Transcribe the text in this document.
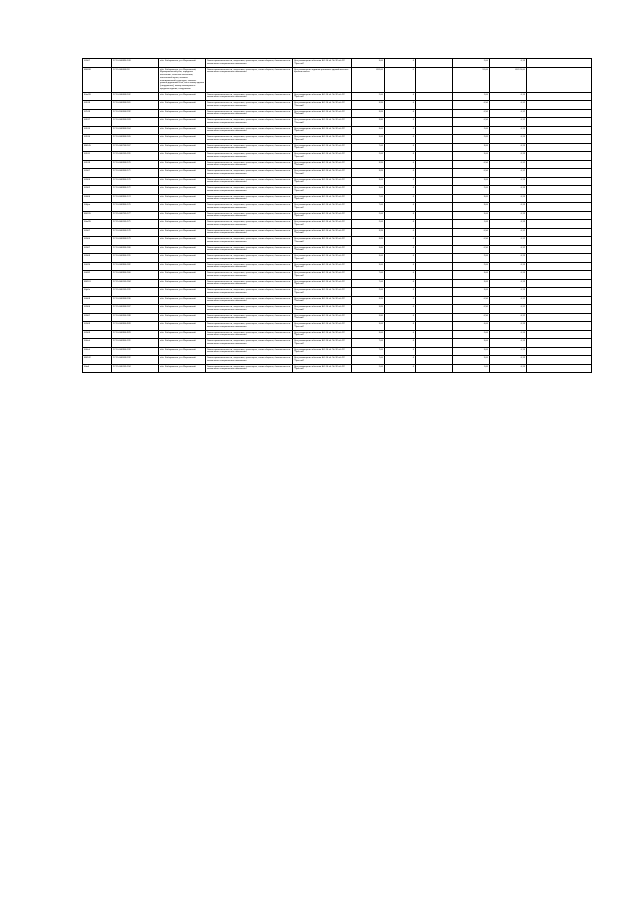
02007	27:10:040896:109	обл. Хабаровская, р-н Жарновский	Земли промышленности, энергетики, транспорта, связи обороны, безопасности и земли иного специального назначения	Для размещения объектов БО-10 об. № 32 п/п РС "Простой"	3,00	4		2,00	0,13	
М4098	27:15:040408:18	обл. Хабаровская, р-н Жарновский, Муниципальный р-он, городское поселение, сельское поселение, населенный пункт, элемент планировочной структуры, элемент улично-дорожной сети, тип и номер здания (сооружения), номер помещения в пределах здания, сооружения	Земли промышленности, энергетики, транспорта, связи обороны, безопасности и земли иного специального назначения	Для размещения административных зданий местных органов власти	691,00	0		91,00	69 125,00	
60m99	27:10:040408:102	обл. Хабаровская, р-н Жарновский	Земли промышленности, энергетики, транспорта, связи обороны, безопасности и земли иного специального назначения	Для размещения объектов БО-10 об. № 32 п/п РС "Простой"	2,00	4		1,00	0,13	
02619	27:10:040308:161	обл. Хабаровская, р-н Жарновский	Земли промышленности, энергетики, транспорта, связи обороны, безопасности и земли иного специального назначения	Для размещения объектов БО-10 об. № 32 п/п РС "Плоский"	3,95	4		0,50	0,12	
02519	27:10:240308:192	обл. Хабаровская, р-н Жарновский	Земли промышленности, энергетики, транспорта, связи обороны, безопасности и земли иного специального назначения	Для размещения объектов БО-10 об. № 32 п/п РС "Плоский"	3,85	4		0,50	0,12	
02617	27:10:040308:183	обл. Хабаровская, р-н Жарновский	Земли промышленности, энергетики, транспорта, связи обороны, безопасности и земли иного специального назначения	Для размещения объектов БО-10 об. № 32 п/п РС "Плоский"	3,80	4		0,50	0,12	
02615	27:10:040908:164	обл. Хабаровская, р-н Жарновский	Земли промышленности, энергетики, транспорта, связи обороны, безопасности и земли иного специального назначения	Для размещения объектов БО-10 об. № 32 п/п РС "Простой"	3,00	4		2,00	0,13	
02614	27:10:040908:165	обл. Хабаровская, р-н Жарновский	Земли промышленности, энергетики, транспорта, связи обороны, безопасности и земли иного специального назначения	Для размещения объектов БО-10 об. № 32 п/п РС "Простой"	3,00	4		2,00	0,13	
М4145	27:15:040708:167	обл. Хабаровская, р-н Жарновский	Земли промышленности, энергетики, транспорта, связи обороны, безопасности и земли иного специального назначения	Для размещения объектов БО-10 об. № 32 п/п РС "Простой"	7,00	4		3,00	0,13	
02611	27:15:040105:191	обл. Хабаровская, р-н Жарновский	Земли промышленности, энергетики, транспорта, связи обороны, безопасности и земли иного специального назначения	Для размещения объектов БО-10 об. № 32 п/п РС "Простой"	2,00	4		3,00	0,13	
02619	27:10:040308:170	обл. Хабаровская, р-н Жарновский	Земли промышленности, энергетики, транспорта, связи обороны, безопасности и земли иного специального назначения	Для размещения объектов БО-10 об. № 32 п/п РС "Плоский"	3,95	4		0,50	0,12	
02007	27:10:040308:171	обл. Хабаровская, р-н Жарновский	Земли промышленности, энергетики, транспорта, связи обороны, безопасности и земли иного специального назначения	Для размещения объектов БО-10 об. № 32 п/п РС "Плоский"	3,85	4		0,50	0,12	
02006	27:10:040906:170	обл. Хабаровская, р-н Жарновский	Земли промышленности, энергетики, транспорта, связи обороны, безопасности и земли иного специального назначения	Для размещения объектов БО-10 об. № 32 п/п РС "Простой"	3,00	4		3,00	0,13	
02002	27:10:040906:172	обл. Хабаровская, р-н Жарновский	Земли промышленности, энергетики, транспорта, связи обороны, безопасности и земли иного специального назначения	Для размещения объектов БО-10 об. № 32 п/п РС "Простой"	3,00	4		2,00	0,13	
00006	27:10:040906:174	обл. Хабаровская, р-н Жарновский	Земли промышленности, энергетики, транспорта, связи обороны, безопасности и земли иного специального назначения	Для размещения объектов БО-10 об. № 32 п/п РС "Простой"	7,00	4		3,00	0,13	
006ра	27:10:040906:170	обл. Хабаровская, р-н Жарновский	Земли промышленности, энергетики, транспорта, связи обороны, безопасности и земли иного специального назначения	Для размещения объектов БО-10 об. № 32 п/п РС "Простой"	7,00	4		3,00	0,13	
М4195	27:15:040705:177	обл. Хабаровская, р-н Жарновский	Земли промышленности, энергетики, транспорта, связи обороны, безопасности и земли иного специального назначения	Для размещения объектов БО-10 об. № 32 п/п РС "Простой"	2,00	4		3,00	0,13	
00m95	27:15:040105:171	обл. Хабаровская, р-н Жарновский	Земли промышленности, энергетики, транспорта, связи обороны, безопасности и земли иного специального назначения	Для размещения объектов БО-10 об. № 32 п/п РС "Простой"	2,00	4		1,00	0,13	
02007	27:10:040308:178	обл. Хабаровская, р-н Жарновский	Земли промышленности, энергетики, транспорта, связи обороны, безопасности и земли иного специального назначения	Для размещения объектов БО-10 об. № 32 п/п РС "Плоский"	3,95	4		0,50	0,12	
02000	27:10:040308:179	обл. Хабаровская, р-н Жарновский	Земли промышленности, энергетики, транспорта, связи обороны, безопасности и земли иного специального назначения	Для размещения объектов БО-10 об. № 32 п/п РС "Плоский"	3,85	4		0,50	0,12	
02007	27:10:040306:180	обл. Хабаровская, р-н Жарновский	Земли промышленности, энергетики, транспорта, связи обороны, безопасности и земли иного специального назначения	Для размещения объектов БО-10 об. № 32 п/п РС "Плоский"	3,80	4		0,50	0,12	
02009	27:10:040906:191	обл. Хабаровская, р-н Жарновский	Земли промышленности, энергетики, транспорта, связи обороны, безопасности и земли иного специального назначения	Для размещения объектов БО-10 об. № 32 п/п РС "Простой"	3,00	4		2,00	0,13	
00024	27:10:040906:182	обл. Хабаровская, р-н Жарновский	Земли промышленности, энергетики, транспорта, связи обороны, безопасности и земли иного специального назначения	Для размещения объектов БО-10 об. № 32 п/п РС "Простой"	3,00	4		2,00	0,13	
00092	27:10:040906:160	обл. Хабаровская, р-н Жарновский	Земли промышленности, энергетики, транспорта, связи обороны, безопасности и земли иного специального назначения	Для размещения объектов БО-10 об. № 32 п/п РС "Простой"	7,00	4		3,00	0,13	
М4201	27:15:040105:184	обл. Хабаровская, р-н Жарновский	Земли промышленности, энергетики, транспорта, связи обороны, безопасности и земли иного специального назначения	Для размещения объектов БО-10 об. № 32 п/п РС "Простой"	7,00	4		3,00	0,13	
00р0е	27:15:040105:191	обл. Хабаровская, р-н Жарновский	Земли промышленности, энергетики, транспорта, связи обороны, безопасности и земли иного специального назначения	Для размещения объектов БО-10 об. № 32 п/п РС "Простой"	2,00	4		3,00	0,13	
00008	27:10:040308:190	обл. Хабаровская, р-н Жарновский	Земли промышленности, энергетики, транспорта, связи обороны, безопасности и земли иного специального назначения	Для размещения объектов БО-10 об. № 32 п/п РС "Плоский"	3,95	4		0,50	0,12	
02006	27:15:040308:187	обл. Хабаровская, р-н Жарновский	Земли промышленности, энергетики, транспорта, связи обороны, безопасности и земли иного специального назначения	Для размещения объектов БО-10 об. № 32 п/п РС "Плоский"	3,85	4		0,50	0,12	
02007	27:10:040306:188	обл. Хабаровская, р-н Жарновский	Земли промышленности, энергетики, транспорта, связи обороны, безопасности и земли иного специального назначения	Для размещения объектов БО-10 об. № 32 п/п РС "Плоский"	3,80	4		0,50	0,12	
02009	27:10:040906:928	обл. Хабаровская, р-н Жарновский	Земли промышленности, энергетики, транспорта, связи обороны, безопасности и земли иного специального назначения	Для размещения объектов БО-10 об. № 32 п/п РС "Простой"	3,00	4		4,00	0,13	
02009	27:10:040906:929	обл. Хабаровская, р-н Жарновский	Земли промышленности, энергетики, транспорта, связи обороны, безопасности и земли иного специального назначения	Для размещения объектов БО-10 об. № 32 п/п РС "Простой"	3,00	4		2,00	0,13	
000яб	27:10:040906:191	обл. Хабаровская, р-н Жарновский	Земли промышленности, энергетики, транспорта, связи обороны, безопасности и земли иного специального назначения	Для размещения объектов БО-10 об. № 32 п/п РС "Простой"	7,00	4		3,00	0,13	
000яб	27:10:040906:192	обл. Хабаровская, р-н Жарновский	Земли промышленности, энергетики, транспорта, связи обороны, безопасности и земли иного специального назначения	Для размещения объектов БО-10 об. № 32 п/п РС "Простой"	7,00	4		3,00	0,13	
М4242	27:15:040508:192	обл. Хабаровская, р-н Жарновский	Земли промышленности, энергетики, транспорта, связи обороны, безопасности и земли иного специального назначения	Для размещения объектов БО-10 об. № 32 п/п РС "Простой"	7,00	4		3,00	0,13	
00м0	27:15:040105:194	обл. Хабаровская, р-н Жарновский	Земли промышленности, энергетики, транспорта, связи обороны, безопасности и земли иного специального назначения	Для размещения объектов БО-10 об. № 32 п/п РС "Простой"	2,00	4		1,00	0,13	
